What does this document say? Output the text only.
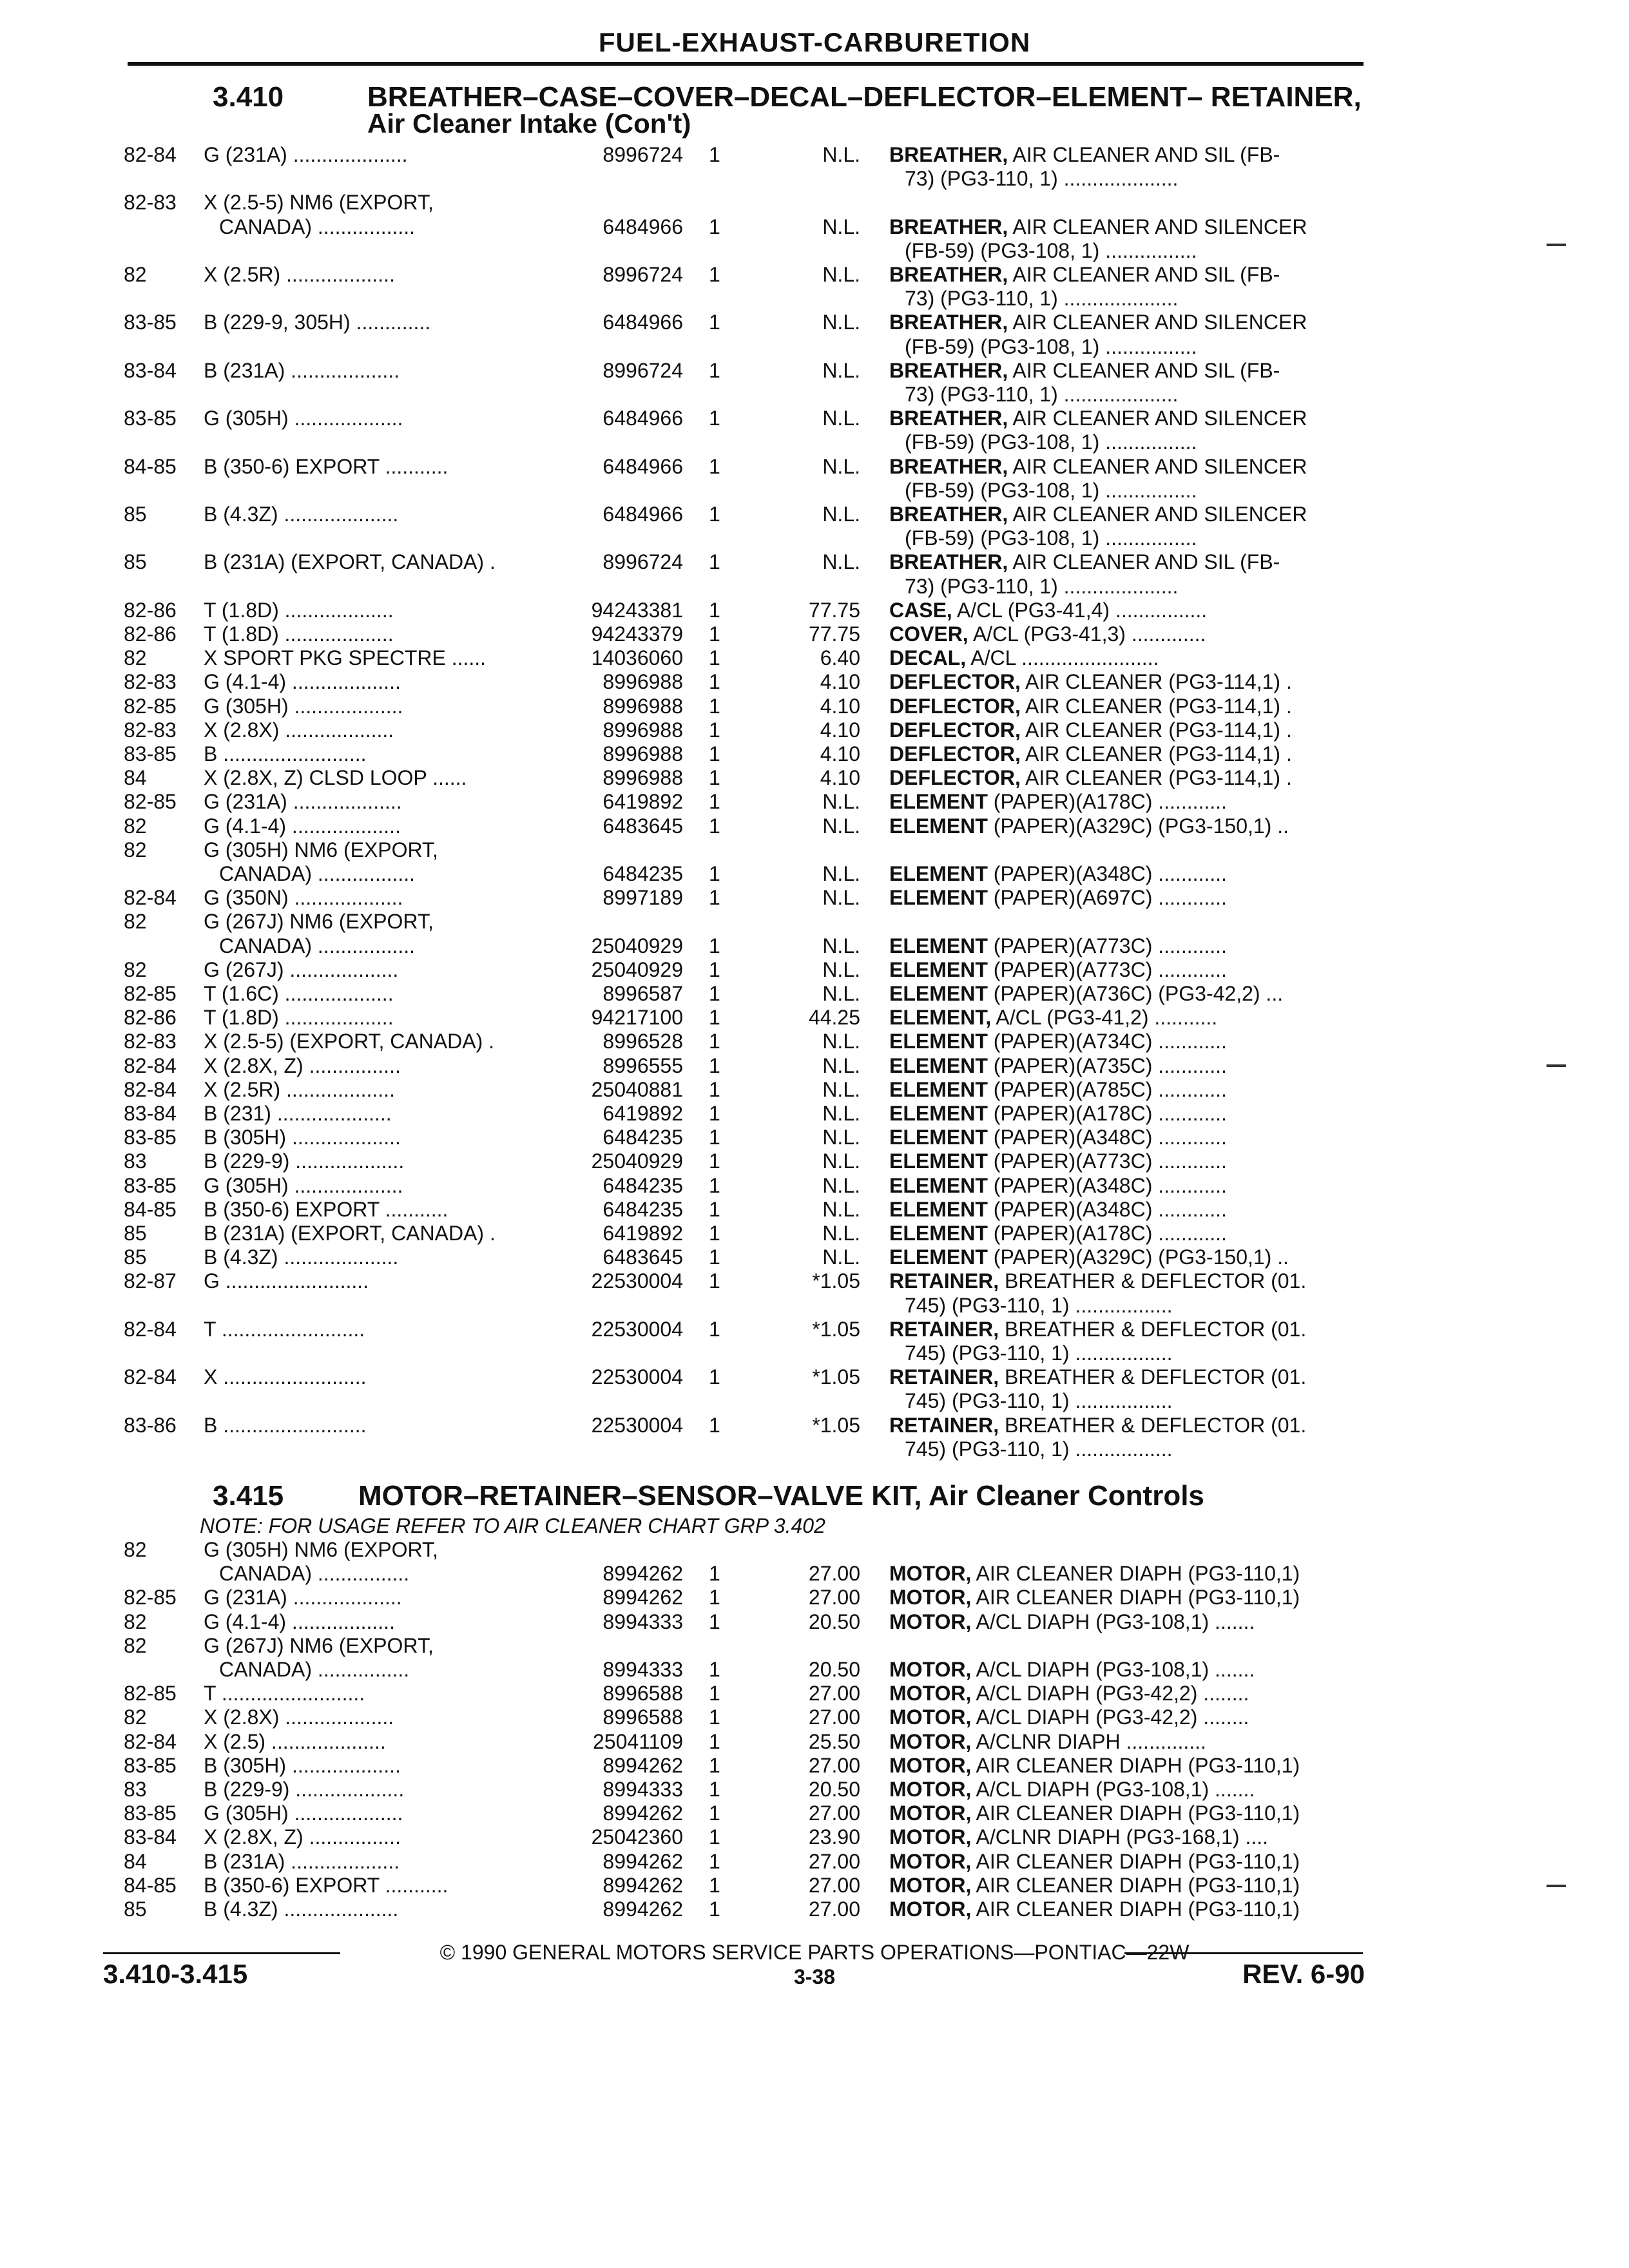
FUEL-EXHAUST-CARBURETION
3.410	BREATHER–CASE–COVER–DECAL–DEFLECTOR–ELEMENT– RETAINER,
Air Cleaner Intake (Con't)
82-84 G (231A) ....................	8996724 1	N.L. BREATHER, AIR CLEANER AND SIL (FB-
73) (PG3-110, 1) ....................
82-83 X (2.5-5) NM6 (EXPORT,
CANADA) .................	6484966 1	N.L. BREATHER, AIR CLEANER AND SILENCER
(FB-59) (PG3-108, 1) ................
82	X (2.5R) ...................	8996724 1	N.L. BREATHER, AIR CLEANER AND SIL (FB-
73) (PG3-110, 1) ....................
83-85 B (229-9, 305H) .............	6484966 1	N.L. BREATHER, AIR CLEANER AND SILENCER
(FB-59) (PG3-108, 1) ................
83-84 B (231A) ...................	8996724 1	N.L. BREATHER, AIR CLEANER AND SIL (FB-
73) (PG3-110, 1) ....................
83-85 G (305H) ...................	6484966 1	N.L. BREATHER, AIR CLEANER AND SILENCER
(FB-59) (PG3-108, 1) ................
84-85 B (350-6) EXPORT ...........	6484966 1	N.L. BREATHER, AIR CLEANER AND SILENCER
(FB-59) (PG3-108, 1) ................
85	B (4.3Z) ....................	6484966 1	N.L. BREATHER, AIR CLEANER AND SILENCER
(FB-59) (PG3-108, 1) ................
85	B (231A) (EXPORT, CANADA) .	8996724 1	N.L. BREATHER, AIR CLEANER AND SIL (FB-
73) (PG3-110, 1) ....................
82-86 T (1.8D) ...................	94243381 1	77.75 CASE, A/CL (PG3-41,4) ................
82-86 T (1.8D) ...................	94243379 1	77.75 COVER, A/CL (PG3-41,3) .............
82	X SPORT PKG SPECTRE ......	14036060 1	6.40 DECAL, A/CL ........................
82-83 G (4.1-4) ...................	8996988 1	4.10 DEFLECTOR, AIR CLEANER (PG3-114,1) .
82-85 G (305H) ...................	8996988 1	4.10 DEFLECTOR, AIR CLEANER (PG3-114,1) .
82-83 X (2.8X) ...................	8996988 1	4.10 DEFLECTOR, AIR CLEANER (PG3-114,1) .
83-85 B .........................	8996988 1	4.10 DEFLECTOR, AIR CLEANER (PG3-114,1) .
84	X (2.8X, Z) CLSD LOOP ......	8996988 1	4.10 DEFLECTOR, AIR CLEANER (PG3-114,1) .
82-85 G (231A) ...................	6419892 1	N.L. ELEMENT (PAPER)(A178C) ............
82	G (4.1-4) ...................	6483645 1	N.L. ELEMENT (PAPER)(A329C) (PG3-150,1) ..
82	G (305H) NM6 (EXPORT,
CANADA) .................	6484235 1	N.L. ELEMENT (PAPER)(A348C) ............
82-84 G (350N) ...................	8997189 1	N.L. ELEMENT (PAPER)(A697C) ............
82	G (267J) NM6 (EXPORT,
CANADA) .................	25040929 1	N.L. ELEMENT (PAPER)(A773C) ............
82	G (267J) ...................	25040929 1	N.L. ELEMENT (PAPER)(A773C) ............
82-85 T (1.6C) ...................	8996587 1	N.L. ELEMENT (PAPER)(A736C) (PG3-42,2) ...
82-86 T (1.8D) ...................	94217100 1	44.25 ELEMENT, A/CL (PG3-41,2) ...........
82-83 X (2.5-5) (EXPORT, CANADA) .	8996528 1	N.L. ELEMENT (PAPER)(A734C) ............
82-84 X (2.8X, Z) ................	8996555 1	N.L. ELEMENT (PAPER)(A735C) ............
82-84 X (2.5R) ...................	25040881 1	N.L. ELEMENT (PAPER)(A785C) ............
83-84 B (231) ....................	6419892 1	N.L. ELEMENT (PAPER)(A178C) ............
83-85 B (305H) ...................	6484235 1	N.L. ELEMENT (PAPER)(A348C) ............
83	B (229-9) ...................	25040929 1	N.L. ELEMENT (PAPER)(A773C) ............
83-85 G (305H) ...................	6484235 1	N.L. ELEMENT (PAPER)(A348C) ............
84-85 B (350-6) EXPORT ...........	6484235 1	N.L. ELEMENT (PAPER)(A348C) ............
85	B (231A) (EXPORT, CANADA) .	6419892 1	N.L. ELEMENT (PAPER)(A178C) ............
85	B (4.3Z) ....................	6483645 1	N.L. ELEMENT (PAPER)(A329C) (PG3-150,1) ..
82-87 G .........................	22530004 1	*1.05 RETAINER, BREATHER & DEFLECTOR (01.
745) (PG3-110, 1) .................
82-84 T .........................	22530004 1	*1.05 RETAINER, BREATHER & DEFLECTOR (01.
745) (PG3-110, 1) .................
82-84 X .........................	22530004 1	*1.05 RETAINER, BREATHER & DEFLECTOR (01.
745) (PG3-110, 1) .................
83-86 B .........................	22530004 1	*1.05 RETAINER, BREATHER & DEFLECTOR (01.
745) (PG3-110, 1) .................
3.415	MOTOR–RETAINER–SENSOR–VALVE KIT, Air Cleaner Controls
NOTE: FOR USAGE REFER TO AIR CLEANER CHART GRP 3.402
82	G (305H) NM6 (EXPORT,
CANADA) ................	8994262 1	27.00 MOTOR, AIR CLEANER DIAPH (PG3-110,1)
82-85 G (231A) ...................	8994262 1	27.00 MOTOR, AIR CLEANER DIAPH (PG3-110,1)
82	G (4.1-4) ..................	8994333 1	20.50 MOTOR, A/CL DIAPH (PG3-108,1) .......
82	G (267J) NM6 (EXPORT,
CANADA) ................	8994333 1	20.50 MOTOR, A/CL DIAPH (PG3-108,1) .......
82-85 T .........................	8996588 1	27.00 MOTOR, A/CL DIAPH (PG3-42,2) ........
82	X (2.8X) ...................	8996588 1	27.00 MOTOR, A/CL DIAPH (PG3-42,2) ........
82-84 X (2.5) ....................	25041109 1	25.50 MOTOR, A/CLNR DIAPH ..............
83-85 B (305H) ...................	8994262 1	27.00 MOTOR, AIR CLEANER DIAPH (PG3-110,1)
83	B (229-9) ...................	8994333 1	20.50 MOTOR, A/CL DIAPH (PG3-108,1) .......
83-85 G (305H) ...................	8994262 1	27.00 MOTOR, AIR CLEANER DIAPH (PG3-110,1)
83-84 X (2.8X, Z) ................	25042360 1	23.90 MOTOR, A/CLNR DIAPH (PG3-168,1) ....
84	B (231A) ...................	8994262 1	27.00 MOTOR, AIR CLEANER DIAPH (PG3-110,1)
84-85 B (350-6) EXPORT ...........	8994262 1	27.00 MOTOR, AIR CLEANER DIAPH (PG3-110,1)
85	B (4.3Z) ....................	8994262 1	27.00 MOTOR, AIR CLEANER DIAPH (PG3-110,1)
© 1990 GENERAL MOTORS SERVICE PARTS OPERATIONS—PONTIAC—22W
3.410-3.415	3-38	REV. 6-90
